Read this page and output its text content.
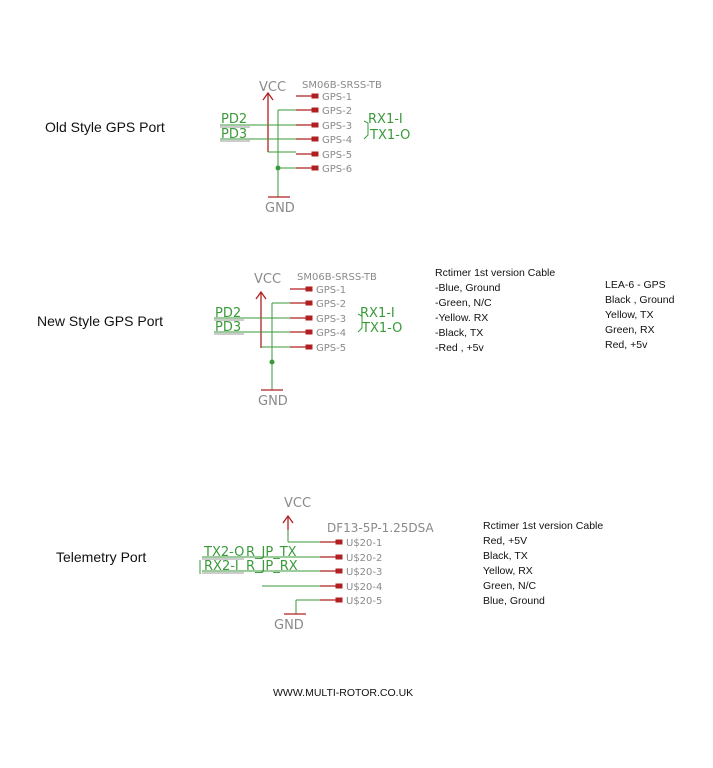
Old Style GPS Port
VCC SM06B-SRSS-TB
GPS-1
GPS-2
GPS-3
GPS-4
GPS-5
GPS-6
PD2
PD3
RX1-I
TX1-O
GND
New Style GPS Port
VCC SM06B-SRSS-TB
GPS-1
GPS-2
GPS-3
GPS-4
GPS-5
PD2
PD3
RX1-I
TX1-O
GND
Rctimer 1st version Cable
-Blue, Ground
-Green, N/C
-Yellow. RX
-Black, TX
-Red , +5v
LEA-6 - GPS
Black , Ground
Yellow, TX
Green, RX
Red, +5v
Telemetry Port
VCC
DF13-5P-1.25DSA
U$20-1
U$20-2
U$20-3
U$20-4
U$20-5
TX2-O
RX2-I
R_JP_TX
R_JP_RX
GND
Rctimer 1st version Cable
Red, +5V
Black, TX
Yellow, RX
Green, N/C
Blue, Ground
WWW.MULTI-ROTOR.CO.UK
